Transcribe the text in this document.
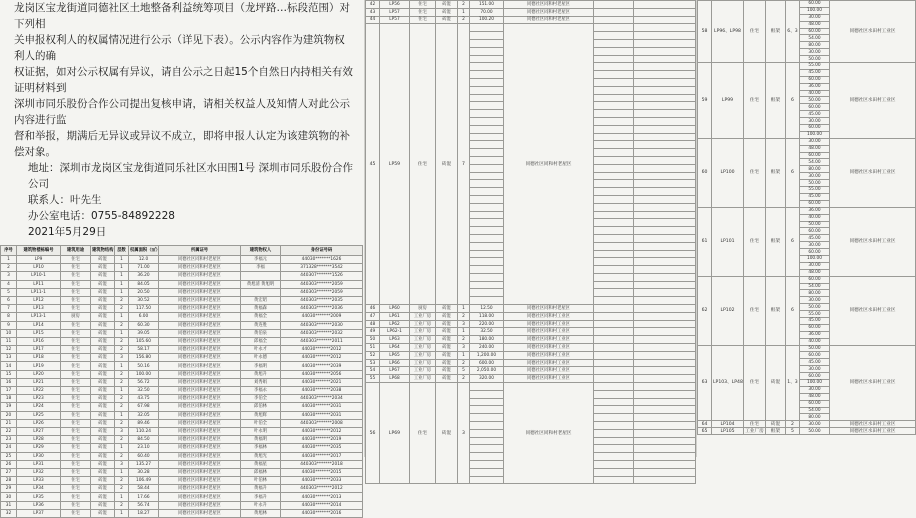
龙岗区宝龙街道同德社区土地整备利益统筹项目（龙坪路…标段范围）对下列相

关申报权利人的权属情况进行公示（详见下表）。公示内容作为建筑物权利人的确

权证据，如对公示权属有异议，请自公示之日起15个自然日内持相关有效证明材料到

深圳市同乐股份合作公司提出复核申请，请相关权益人及知情人对此公示内容进行监

督和举报，期满后无异议或异议不成立，即将申报人认定为该建筑物的补偿对象。

地址：深圳市龙岗区宝龙街道同乐社区水田围1号 深圳市同乐股份合作公司

联系人：叶先生

办公室电话：0755-84892228

2021年5月29日

序号	建筑物楼栋编号	建筑用途	建筑物结构	层数	权属面积（㎡）	所属证号	建筑物权人	身份证号码
1	LP9	住宅	砖混	1	12.0	同德社区同和村老屋区	李福元	44030*******1626
2	LP10	住宅	砖混	1	71.00	同德社区同和村老屋区	李福	371328*******3542
3	LP10-1	住宅	砖混	1	36.20	同德社区同和村老屋区		440307*******1526
4	LP11	住宅	砖混	1	84.05	同德社区同和村老屋区	黄旭清 黄旭明	440303*******2059
5	LP11-1	住宅	砖混	1	20.50	同德社区同和村老屋区		440303*******2059
6	LP12	住宅	砖混	2	30.52	同德社区同和村老屋区	黄宏昭	440303*******2035
7	LP13	住宅	砖混	2	117.50	同德社区同和村老屋区	黄福森	440303*******2036
8	LP13-1	厨房	砖混	1	6.00	同德社区同和村老屋区	黄福全	44030*******2009
9	LP14	住宅	砖混	2	60.30	同德社区同和村老屋区	黄连胜	440303*******2030
10	LP15	住宅	砖混	1	39.05	同德社区同和村老屋区	黄伯泉	440303*******2032
11	LP16	住宅	砖混	2	105.60	同德社区同和村老屋区	邱福全	440303*******2011
12	LP17	住宅	砖混	2	58.17	同德社区同和村老屋区	叶永才	44030*******2012
13	LP18	住宅	砖混	3	156.80	同德社区同和村老屋区	叶永德	44030*******2012
14	LP19	住宅	砖混	1	50.16	同德社区同和村老屋区	李福明	44030*******2039
15	LP20	住宅	砖混	2	100.00	同德社区同和村老屋区	黄旭升	44030*******2056
16	LP21	住宅	砖混	2	56.72	同德社区同和村老屋区	刘秀娟	44030*******2021
17	LP22	住宅	砖混	1	32.50	同德社区同和村老屋区	李福永	44030*******2038
18	LP23	住宅	砖混	2	43.75	同德社区同和村老屋区	李伯全	440303*******2034
19	LP24	住宅	砖混	2	67.98	同德社区同和村老屋区	邱伯林	44030*******2031
20	LP25	住宅	砖混	1	32.05	同德社区同和村老屋区	黄旭辉	44030*******2031
21	LP26	住宅	砖混	2	89.46	同德社区同和村老屋区	叶伯全	440303*******2008
22	LP27	住宅	砖混	3	110.24	同德社区同和村老屋区	叶永明	44030*******2012
23	LP28	住宅	砖混	2	84.50	同德社区同和村老屋区	黄福明	44030*******2019
24	LP29	住宅	砖混	1	23.10	同德社区同和村老屋区	李福林	44030*******2035
25	LP30	住宅	砖混	2	60.40	同德社区同和村老屋区	黄旭光	44030*******2017
26	LP31	住宅	砖混	3	135.27	同德社区同和村老屋区	黄福星	440303*******2018
27	LP32	住宅	砖混	1	30.28	同德社区同和村老屋区	邱福林	44030*******2015
28	LP33	住宅	砖混	2	106.49	同德社区同和村老屋区	叶伯林	44030*******2033
29	LP34	住宅	砖混	2	58.44	同德社区同和村老屋区	黄福升	440303*******2012
30	LP35	住宅	砖混	1	17.66	同德社区同和村老屋区	李福升	44030*******2013
31	LP36	住宅	砖混	2	56.74	同德社区同和村老屋区	叶永升	44030*******2014
32	LP37	住宅	砖混	1	18.27	同德社区同和村老屋区	黄旭林	44030*******2016
42	LP56	住宅	砖混	2	151.00	同德社区同和村老屋区		
43	LP57	住宅	砖混	1	70.00	同德社区同和村老屋区		
44	LP57	住宅	砖混	2	100.20	同德社区同和村老屋区		
45	LP59	住宅	砖混	7		同德社区同和村老屋区		

46	LP60	厨房	砖混	1	12.50	同德社区同和村老屋区		
47	LP61	工业厂房	砖混	2	118.00	同德社区同和村工业区		
48	LP62	工业厂房	砖混	3	220.00	同德社区同和村工业区		
49	LP62-1	工业厂房	砖混	1	32.50	同德社区同和村工业区		
50	LP63	工业厂房	砖混	2	180.00	同德社区同和村工业区		
51	LP64	工业厂房	砖混	3	240.00	同德社区同和村工业区		
52	LP65	工业厂房	砖混	1	1,200.00	同德社区同和村工业区		
53	LP66	工业厂房	砖混	2	600.00	同德社区同和村工业区		
54	LP67	工业厂房	砖混	5	2,050.00	同德社区同和村工业区		
55	LP68	工业厂房	砖混	2	320.00	同德社区同和村工业区		
56	LP69	住宅	砖混	3		同德社区同和村老屋区		

58	LP96、LP98	住宅	框架	6、3	60.00	同德社区水田村工业区
					100.00	
					30.00	
					48.00	
					60.00	
					54.00	
					80.00	
					30.00	
					50.00	
59	LP99	住宅	框架	6	55.00	同德社区水田村工业区
					45.00	
					60.00	
					36.00	
					40.00	
					50.00	
					60.00	
					45.00	
					30.00	
					60.00	
					100.00	
60	LP100	住宅	框架	6	30.00	同德社区水田村工业区
					48.00	
					60.00	
					54.00	
					80.00	
					30.00	
					50.00	
					55.00	
					45.00	
					60.00	
61	LP101	住宅	框架	6	36.00	同德社区水田村工业区
					40.00	
					50.00	
					60.00	
					45.00	
					30.00	
					60.00	
					100.00	
					30.00	
					48.00	
62	LP102	住宅	框架	6	60.00	同德社区水田村工业区
					54.00	
					80.00	
					30.00	
					50.00	
					55.00	
					45.00	
					60.00	
					36.00	
					40.00	
63	LP103、LP48	住宅	砖混	1、3	50.00	同德社区水田村工业区
					60.00	
					45.00	
					30.00	
					60.00	
					100.00	
					30.00	
					48.00	
					60.00	
					54.00	
					80.00	
64	LP104	住宅	砖混	2	30.00	同德社区水田村工业区
65	LP105	工业厂房	框架	5	50.00	同德社区水田村工业区
